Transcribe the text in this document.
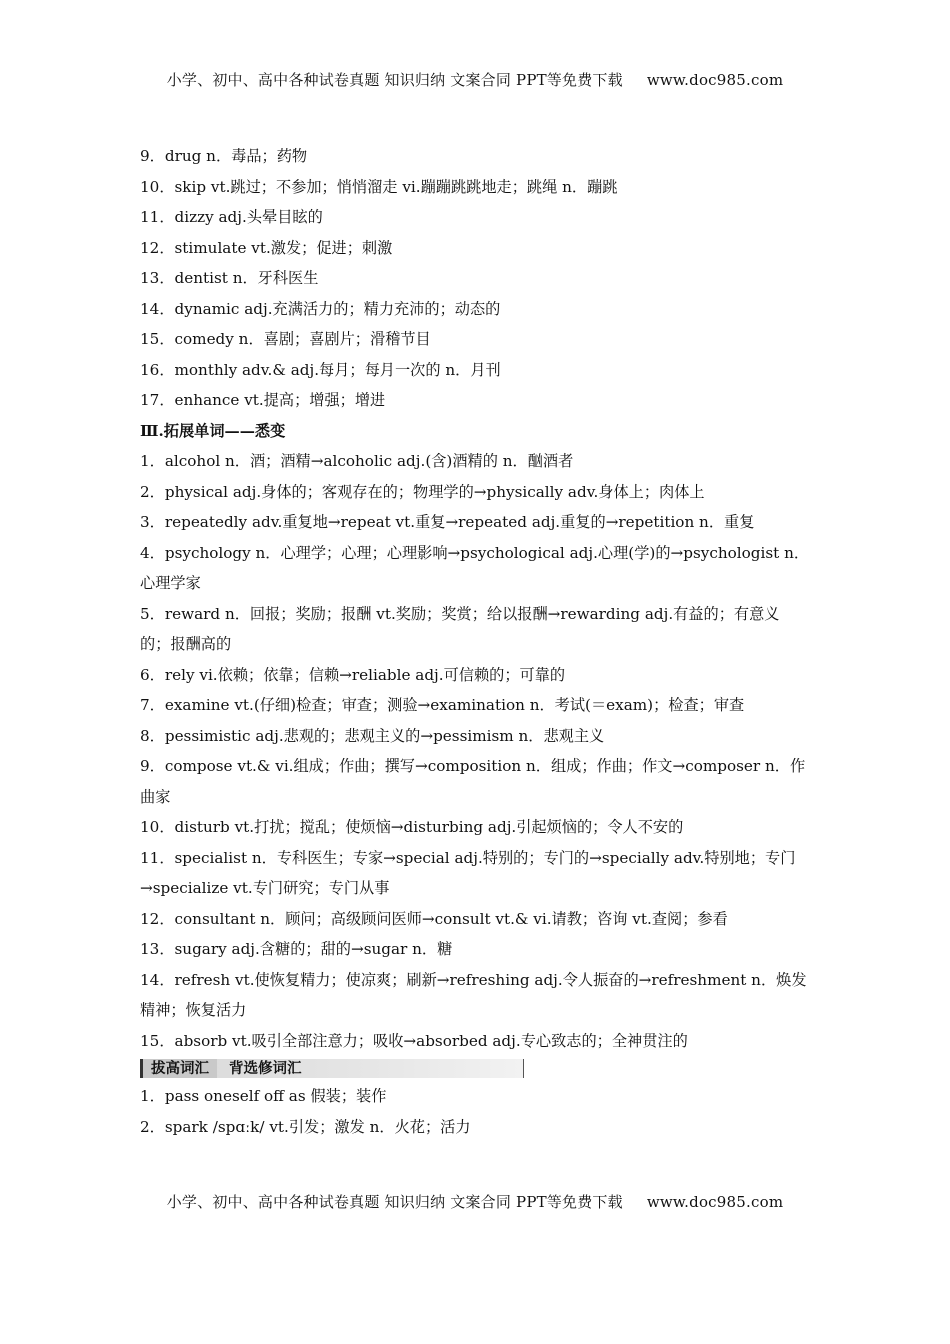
小学、初中、高中各种试卷真题 知识归纳 文案合同 PPT等免费下载 www.doc985.com
9．drug n．毒品；药物
10．skip vt.跳过；不参加；悄悄溜走 vi.蹦蹦跳跳地走；跳绳 n．蹦跳
11．dizzy adj.头晕目眩的
12．stimulate vt.激发；促进；刺激
13．dentist n．牙科医生
14．dynamic adj.充满活力的；精力充沛的；动态的
15．comedy n．喜剧；喜剧片；滑稽节目
16．monthly adv.& adj.每月；每月一次的 n．月刊
17．enhance vt.提高；增强；增进
Ⅲ.拓展单词——悉变
1．alcohol n．酒；酒精→alcoholic adj.(含)酒精的 n．酗酒者
2．physical adj.身体的；客观存在的；物理学的→physically adv.身体上；肉体上
3．repeatedly adv.重复地→repeat vt.重复→repeated adj.重复的→repetition n．重复
4．psychology n．心理学；心理；心理影响→psychological adj.心理(学)的→psychologist n．
心理学家
5．reward n．回报；奖励；报酬 vt.奖励；奖赏；给以报酬→rewarding adj.有益的；有意义
的；报酬高的
6．rely vi.依赖；依靠；信赖→reliable adj.可信赖的；可靠的
7．examine vt.(仔细)检查；审查；测验→examination n．考试(＝exam)；检查；审查
8．pessimistic adj.悲观的；悲观主义的→pessimism n．悲观主义
9．compose vt.& vi.组成；作曲；撰写→composition n．组成；作曲；作文→composer n．作
曲家
10．disturb vt.打扰；搅乱；使烦恼→disturbing adj.引起烦恼的；令人不安的
11．specialist n．专科医生；专家→special adj.特别的；专门的→specially adv.特别地；专门
→specialize vt.专门研究；专门从事
12．consultant n．顾问；高级顾问医师→consult vt.& vi.请教；咨询 vt.查阅；参看
13．sugary adj.含糖的；甜的→sugar n．糖
14．refresh vt.使恢复精力；使凉爽；刷新→refreshing adj.令人振奋的→refreshment n．焕发
精神；恢复活力
15．absorb vt.吸引全部注意力；吸收→absorbed adj.专心致志的；全神贯注的
拔高词汇	背选修词汇
1．pass oneself off as 假装；装作
2．spark /spɑːk/ vt.引发；激发 n．火花；活力
小学、初中、高中各种试卷真题 知识归纳 文案合同 PPT等免费下载 www.doc985.com
